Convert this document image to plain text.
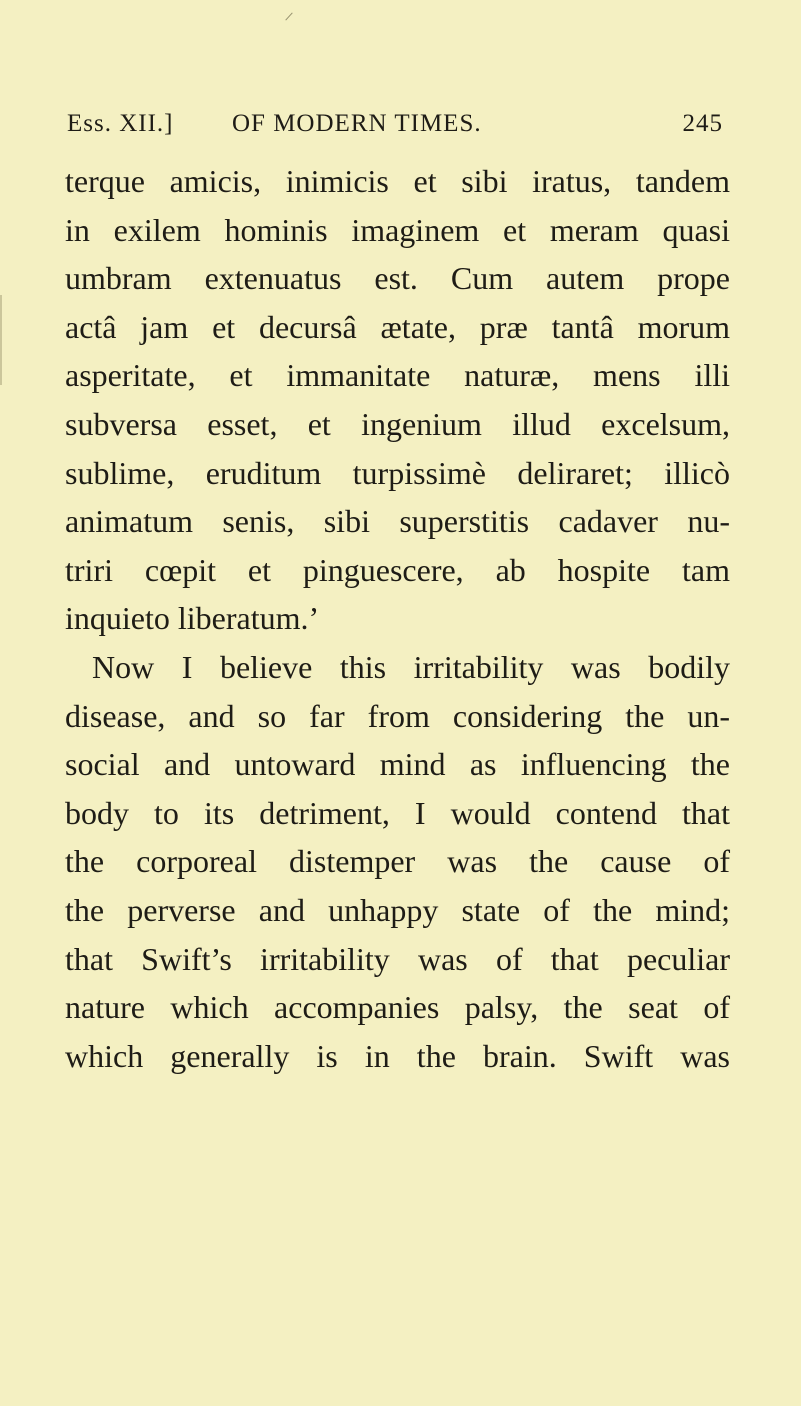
Ess. XII.] OF MODERN TIMES.	245
terque amicis, inimicis et sibi iratus, tandem
in exilem hominis imaginem et meram quasi
umbram extenuatus est. Cum autem prope
actâ jam et decursâ ætate, præ tantâ morum
asperitate, et immanitate naturæ, mens illi
subversa esset, et ingenium illud excelsum,
sublime, eruditum turpissimè deliraret; illicò
animatum senis, sibi superstitis cadaver nu-
triri cœpit et pinguescere, ab hospite tam
inquieto liberatum.’
Now I believe this irritability was bodily
disease, and so far from considering the un-
social and untoward mind as influencing the
body to its detriment, I would contend that
the corporeal distemper was the cause of
the perverse and unhappy state of the mind;
that Swift’s irritability was of that peculiar
nature which accompanies palsy, the seat of
which generally is in the brain. Swift was
